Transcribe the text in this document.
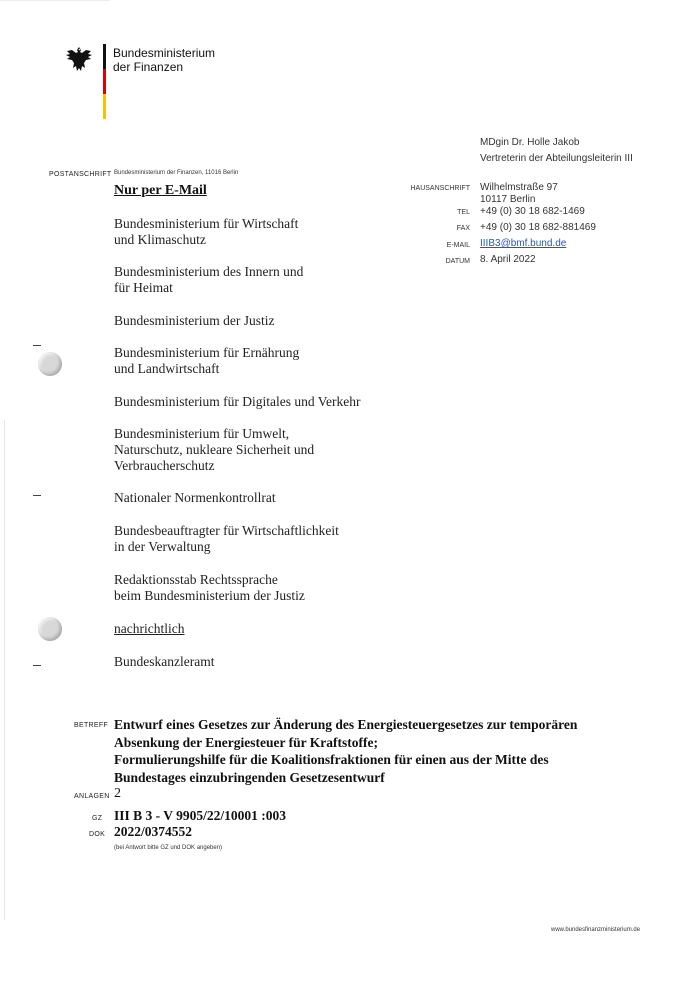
Bundesministerium
der Finanzen
MDgin Dr. Holle Jakob
Vertreterin der Abteilungsleiterin III
POSTANSCHRIFT Bundesministerium der Finanzen, 11016 Berlin
Nur per E-Mail
Bundesministerium für Wirtschaft
und Klimaschutz
Bundesministerium des Innern und
für Heimat
Bundesministerium der Justiz
Bundesministerium für Ernährung
und Landwirtschaft
Bundesministerium für Digitales und Verkehr
Bundesministerium für Umwelt,
Naturschutz, nukleare Sicherheit und
Verbraucherschutz
Nationaler Normenkontrollrat
Bundesbeauftragter für Wirtschaftlichkeit
in der Verwaltung
Redaktionsstab Rechtssprache
beim Bundesministerium der Justiz
nachrichtlich
Bundeskanzleramt
HAUSANSCHRIFT Wilhelmstraße 97
10117 Berlin
TEL +49 (0) 30 18 682-1469
FAX +49 (0) 30 18 682-881469
E-MAIL IIIB3@bmf.bund.de
DATUM 8. April 2022
BETREFF Entwurf eines Gesetzes zur Änderung des Energiesteuergesetzes zur temporären
Absenkung der Energiesteuer für Kraftstoffe;
Formulierungshilfe für die Koalitionsfraktionen für einen aus der Mitte des
Bundestages einzubringenden Gesetzesentwurf
ANLAGEN 2
GZ III B 3 - V 9905/22/10001 :003
DOK 2022/0374552
(bei Antwort bitte GZ und DOK angeben)
www.bundesfinanzministerium.de
